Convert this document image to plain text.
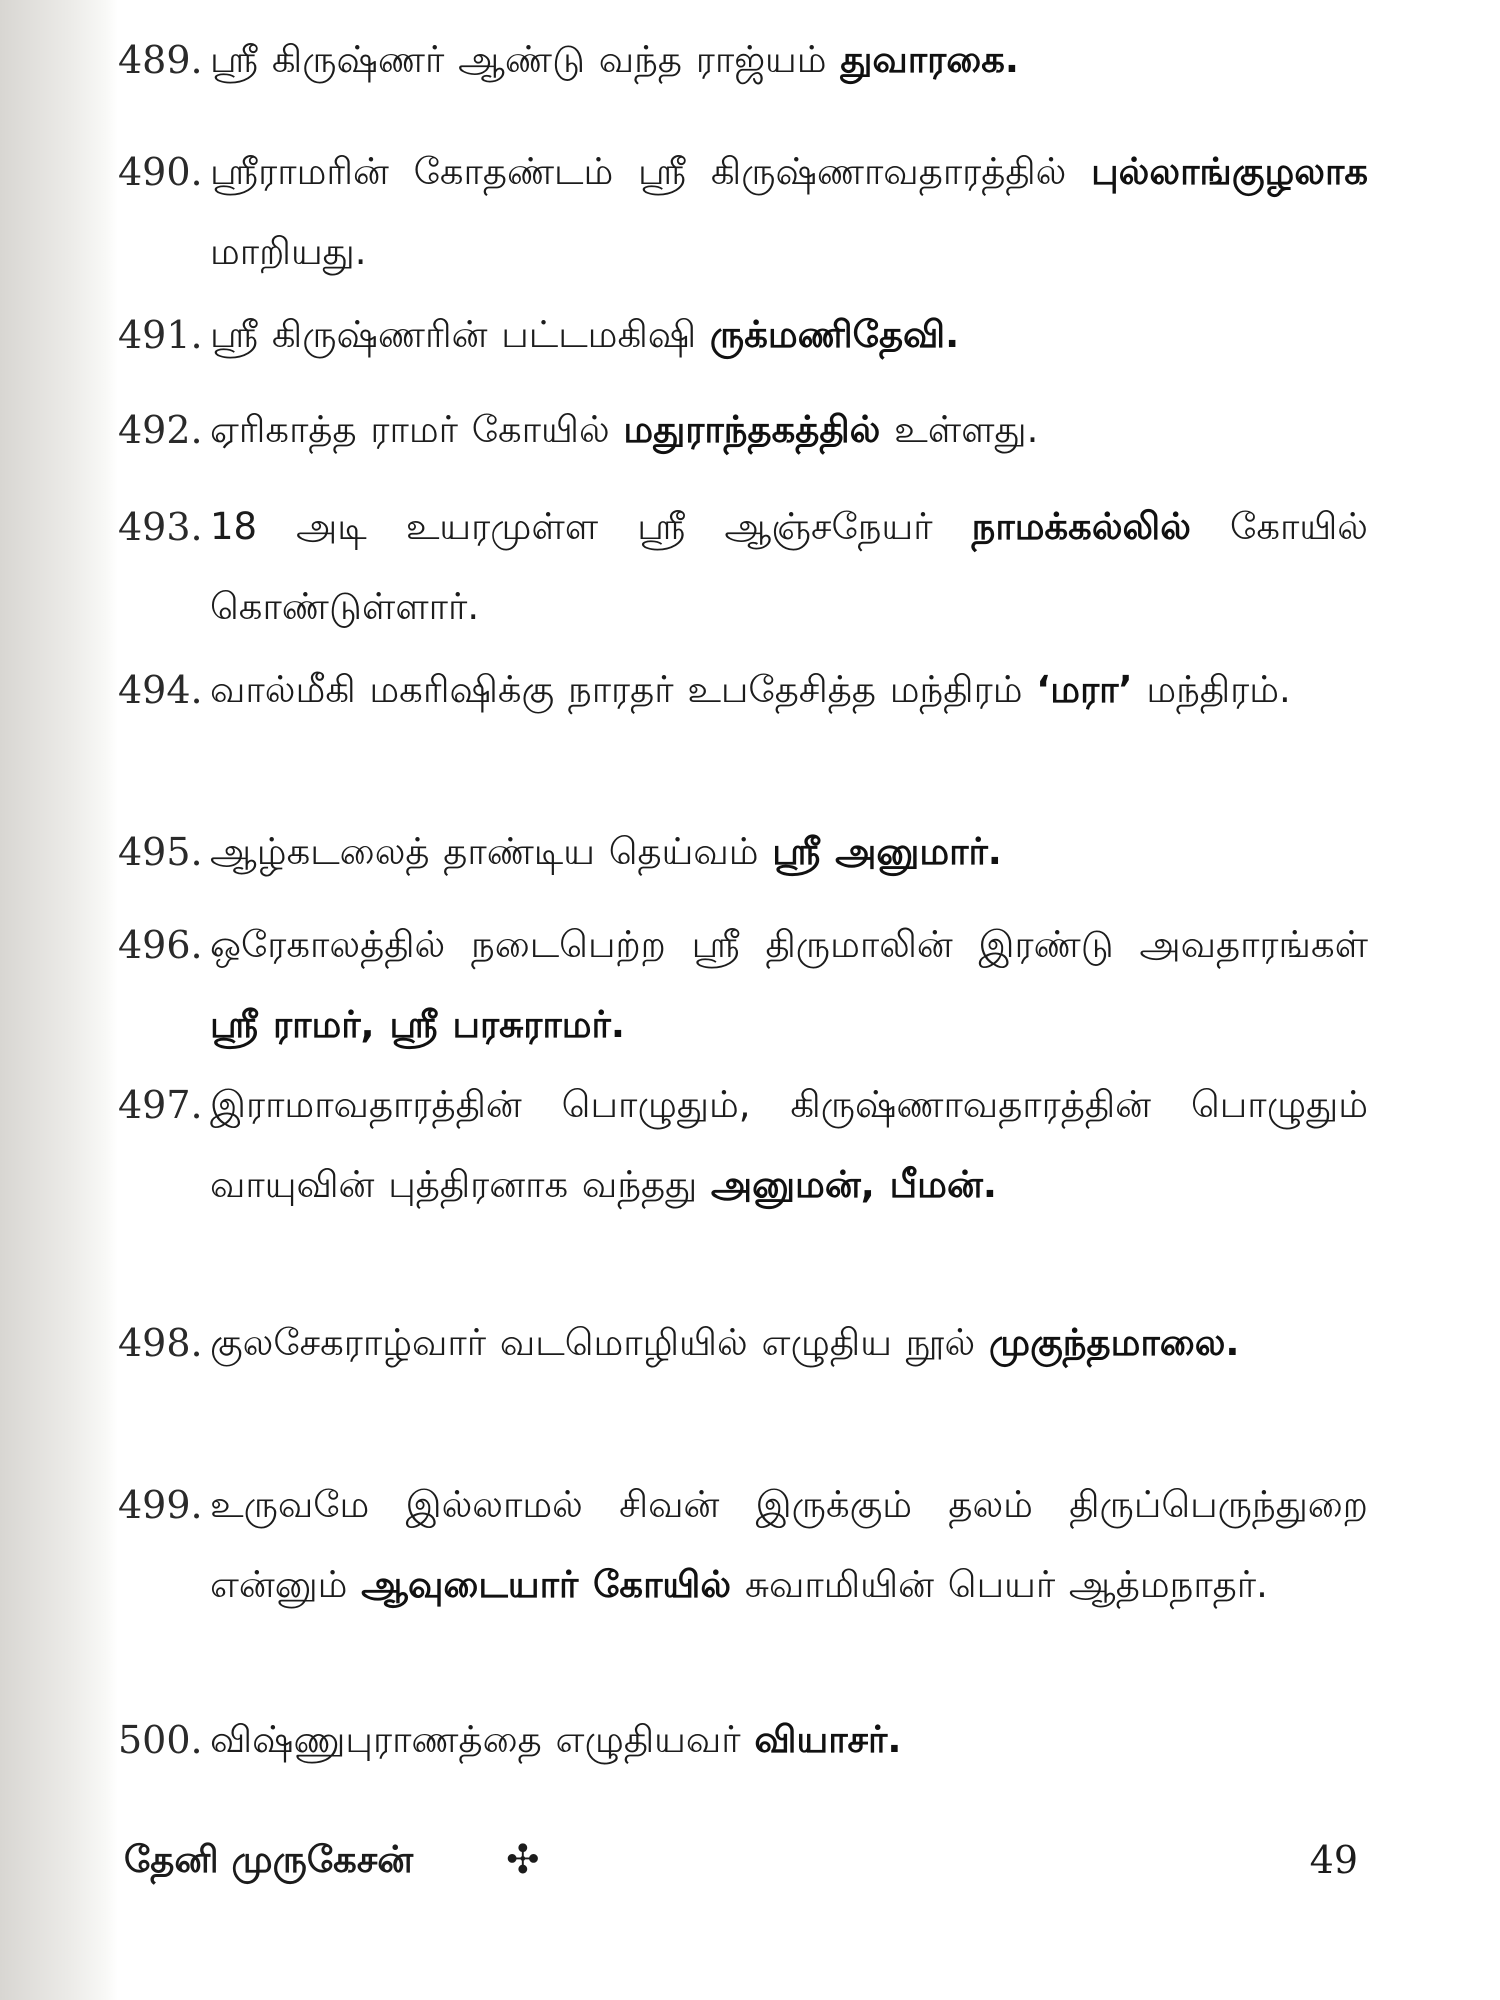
489. ஸ்ரீ கிருஷ்ணர் ஆண்டு வந்த ராஜ்யம் துவாரகை.
490. ஸ்ரீராமரின் கோதண்டம் ஸ்ரீ கிருஷ்ணாவதாரத்தில் புல்லாங்குழலாக மாறியது.
491. ஸ்ரீ கிருஷ்ணரின் பட்டமகிஷி ருக்மணிதேவி.
492. ஏரிகாத்த ராமர் கோயில் மதுராந்தகத்தில் உள்ளது.
493. 18 அடி உயரமுள்ள ஸ்ரீ ஆஞ்சநேயர் நாமக்கல்லில் கோயில் கொண்டுள்ளார்.
494. வால்மீகி மகரிஷிக்கு நாரதர் உபதேசித்த மந்திரம் ‘மரா’ மந்திரம்.
495. ஆழ்கடலைத் தாண்டிய தெய்வம் ஸ்ரீ அனுமார்.
496. ஒரேகாலத்தில் நடைபெற்ற ஸ்ரீ திருமாலின் இரண்டு அவதாரங்கள் ஸ்ரீ ராமர், ஸ்ரீ பரசுராமர்.
497. இராமாவதாரத்தின் பொழுதும், கிருஷ்ணாவதாரத்தின் பொழுதும் வாயுவின் புத்திரனாக வந்தது அனுமன், பீமன்.
498. குலசேகராழ்வார் வடமொழியில் எழுதிய நூல் முகுந்தமாலை.
499. உருவமே இல்லாமல் சிவன் இருக்கும் தலம் திருப்பெருந்துறை என்னும் ஆவுடையார் கோயில் சுவாமியின் பெயர் ஆத்மநாதர்.
500. விஷ்ணுபுராணத்தை எழுதியவர் வியாசர்.
தேனி முருகேசன் ✣	49
